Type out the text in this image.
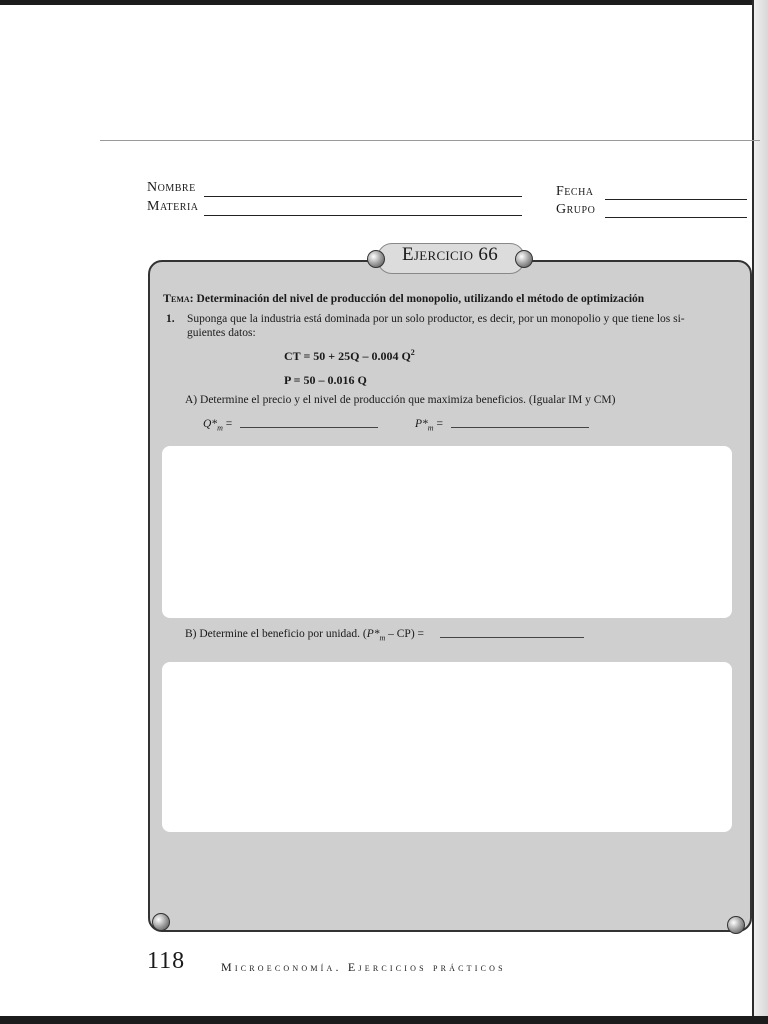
Nombre
Materia
Fecha
Grupo
Ejercicio 66
Tema: Determinación del nivel de producción del monopolio, utilizando el método de optimización
1. Suponga que la industria está dominada por un solo productor, es decir, por un monopolio y que tiene los si-
guientes datos:
CT = 50 + 25Q – 0.004 $Q^2$
P = 50 – 0.016 Q
A) Determine el precio y el nivel de producción que maximiza beneficios. (Igualar IM y CM)
$Q*_m$ =	$P*_m$ =
B) Determine el beneficio por unidad. $(P*_m - CP)$ =
118	Microeconomía. Ejercicios prácticos
